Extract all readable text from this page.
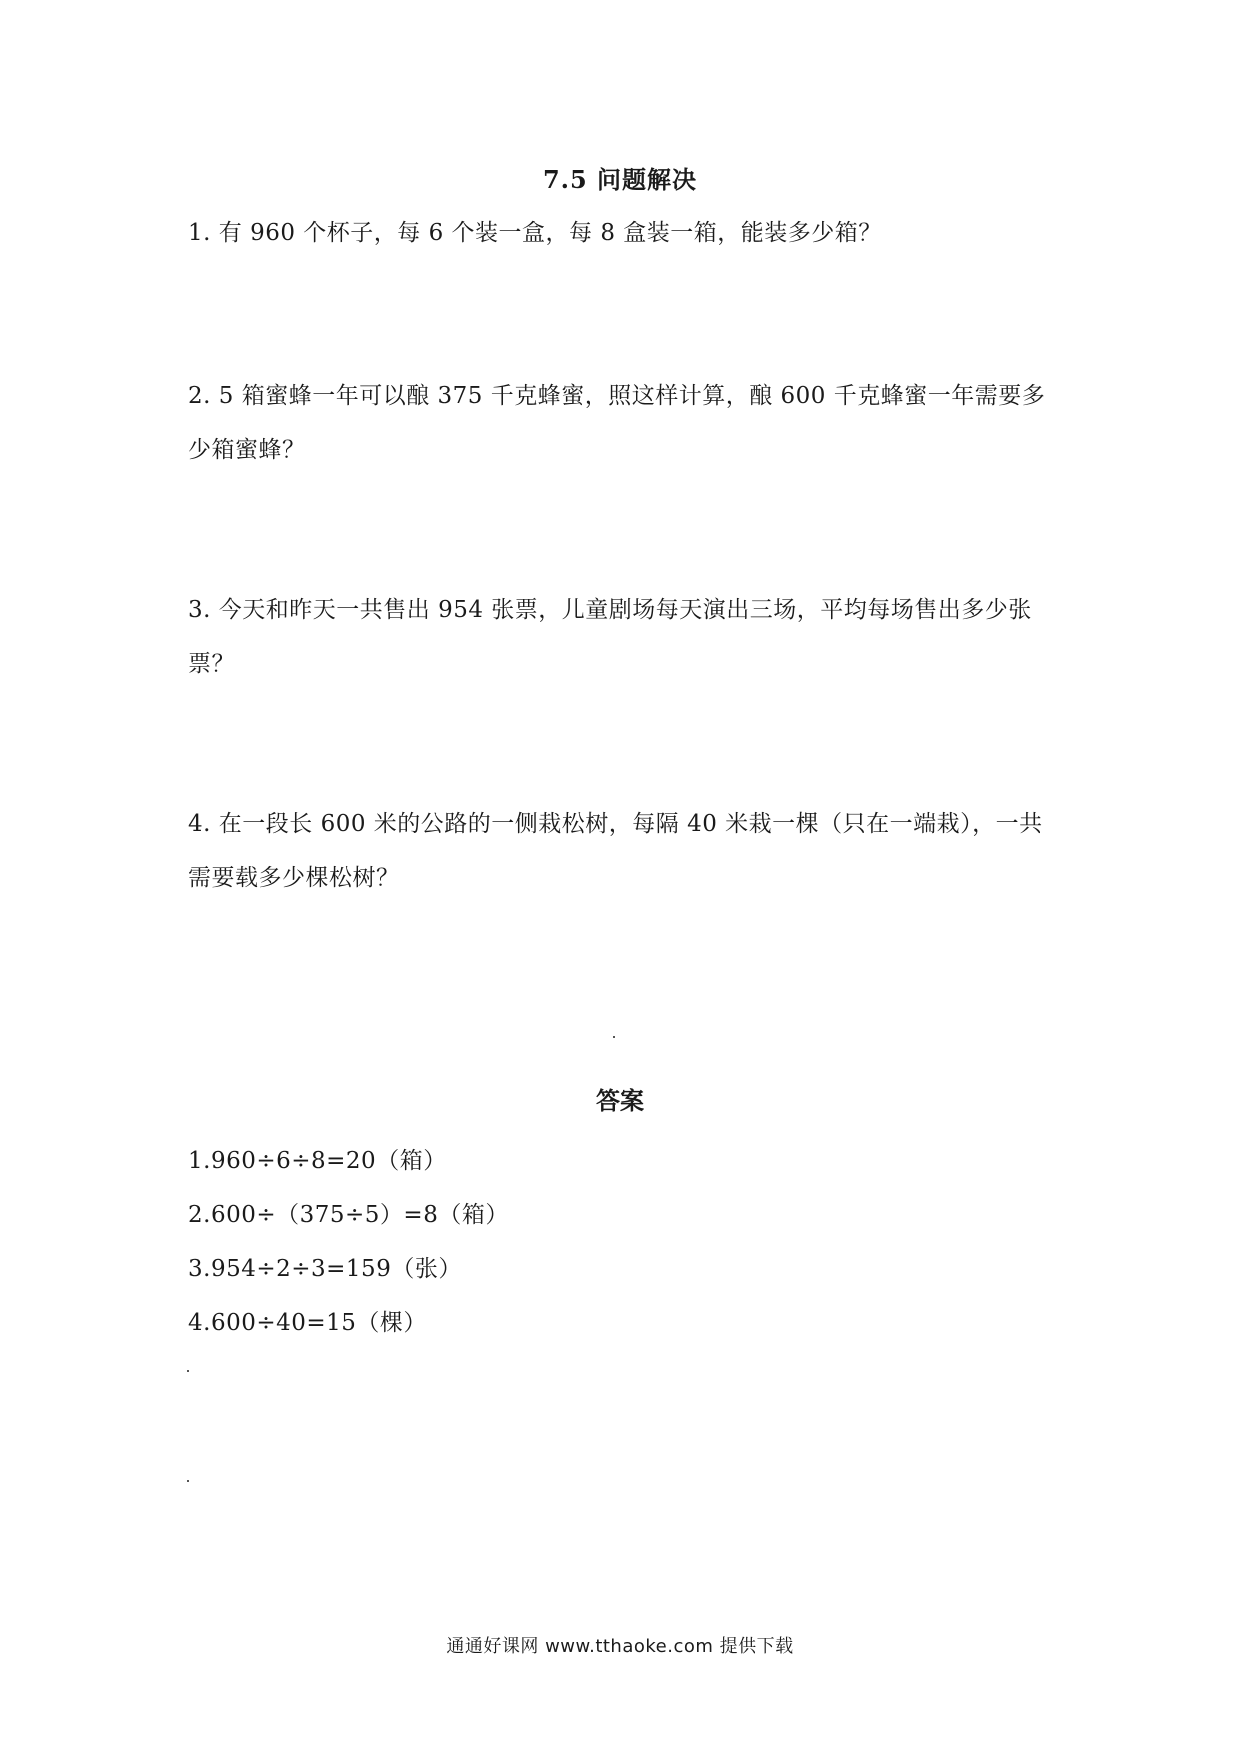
7.5 问题解决
1. 有 960 个杯子，每 6 个装一盒，每 8 盒装一箱，能装多少箱？
2. 5 箱蜜蜂一年可以酿 375 千克蜂蜜，照这样计算，酿 600 千克蜂蜜一年需要多少箱蜜蜂？
3. 今天和昨天一共售出 954 张票，儿童剧场每天演出三场，平均每场售出多少张票？
4. 在一段长 600 米的公路的一侧栽松树，每隔 40 米栽一棵（只在一端栽），一共需要载多少棵松树？
答案
1.960÷6÷8=20（箱）
2.600÷（375÷5）=8（箱）
3.954÷2÷3=159（张）
4.600÷40=15（棵）
通通好课网 www.tthaoke.com 提供下载
